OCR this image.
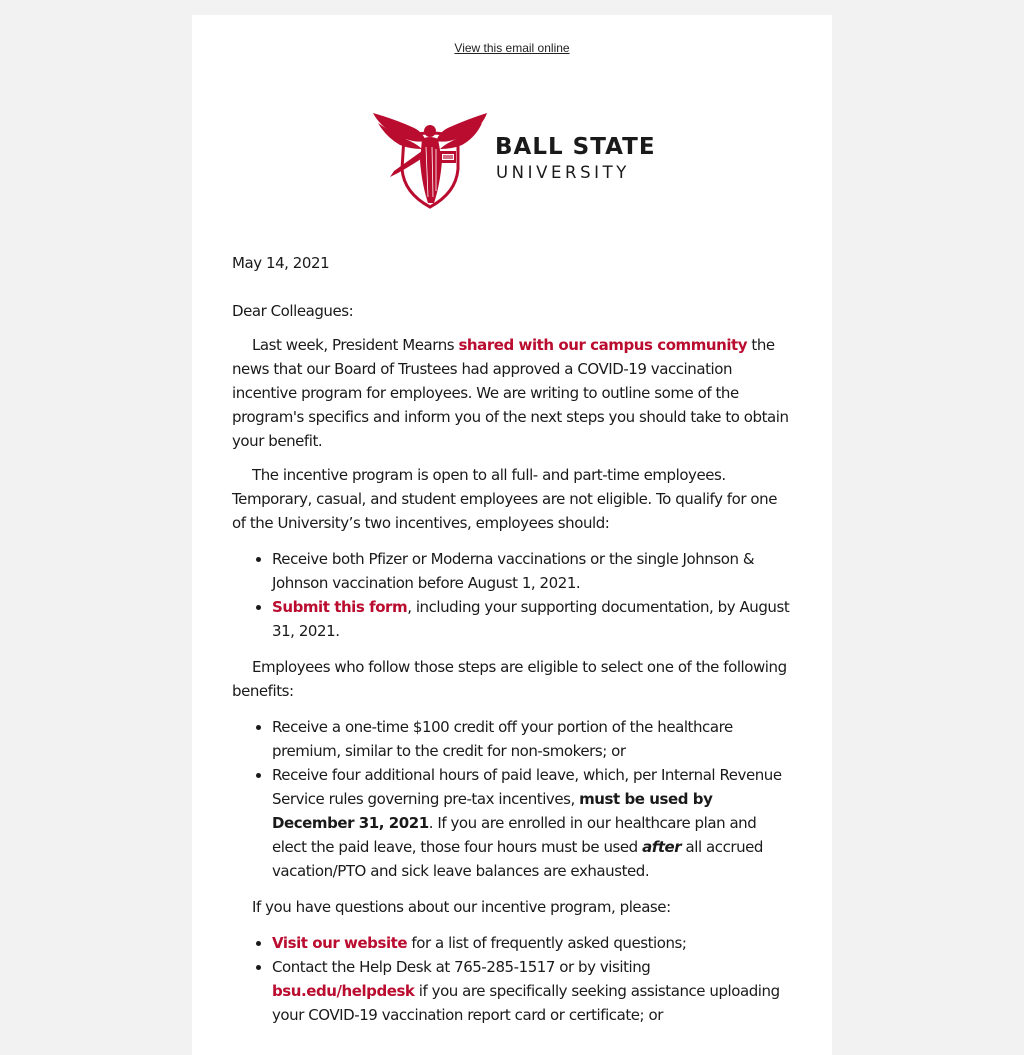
View this email online
BALL STATE
UNIVERSITY

May 14, 2021

Dear Colleagues:

Last week, President Mearns shared with our campus community the news that our Board of Trustees had approved a COVID-19 vaccination incentive program for employees. We are writing to outline some of the program's specifics and inform you of the next steps you should take to obtain your benefit.

The incentive program is open to all full- and part-time employees. Temporary, casual, and student employees are not eligible. To qualify for one of the University’s two incentives, employees should:

• Receive both Pfizer or Moderna vaccinations or the single Johnson & Johnson vaccination before August 1, 2021.
• Submit this form, including your supporting documentation, by August 31, 2021.

Employees who follow those steps are eligible to select one of the following benefits:

• Receive a one-time $100 credit off your portion of the healthcare premium, similar to the credit for non-smokers; or
• Receive four additional hours of paid leave, which, per Internal Revenue Service rules governing pre-tax incentives, must be used by December 31, 2021. If you are enrolled in our healthcare plan and elect the paid leave, those four hours must be used after all accrued vacation/PTO and sick leave balances are exhausted.

If you have questions about our incentive program, please:

• Visit our website for a list of frequently asked questions;
• Contact the Help Desk at 765-285-1517 or by visiting bsu.edu/helpdesk if you are specifically seeking assistance uploading your COVID-19 vaccination report card or certificate; or
